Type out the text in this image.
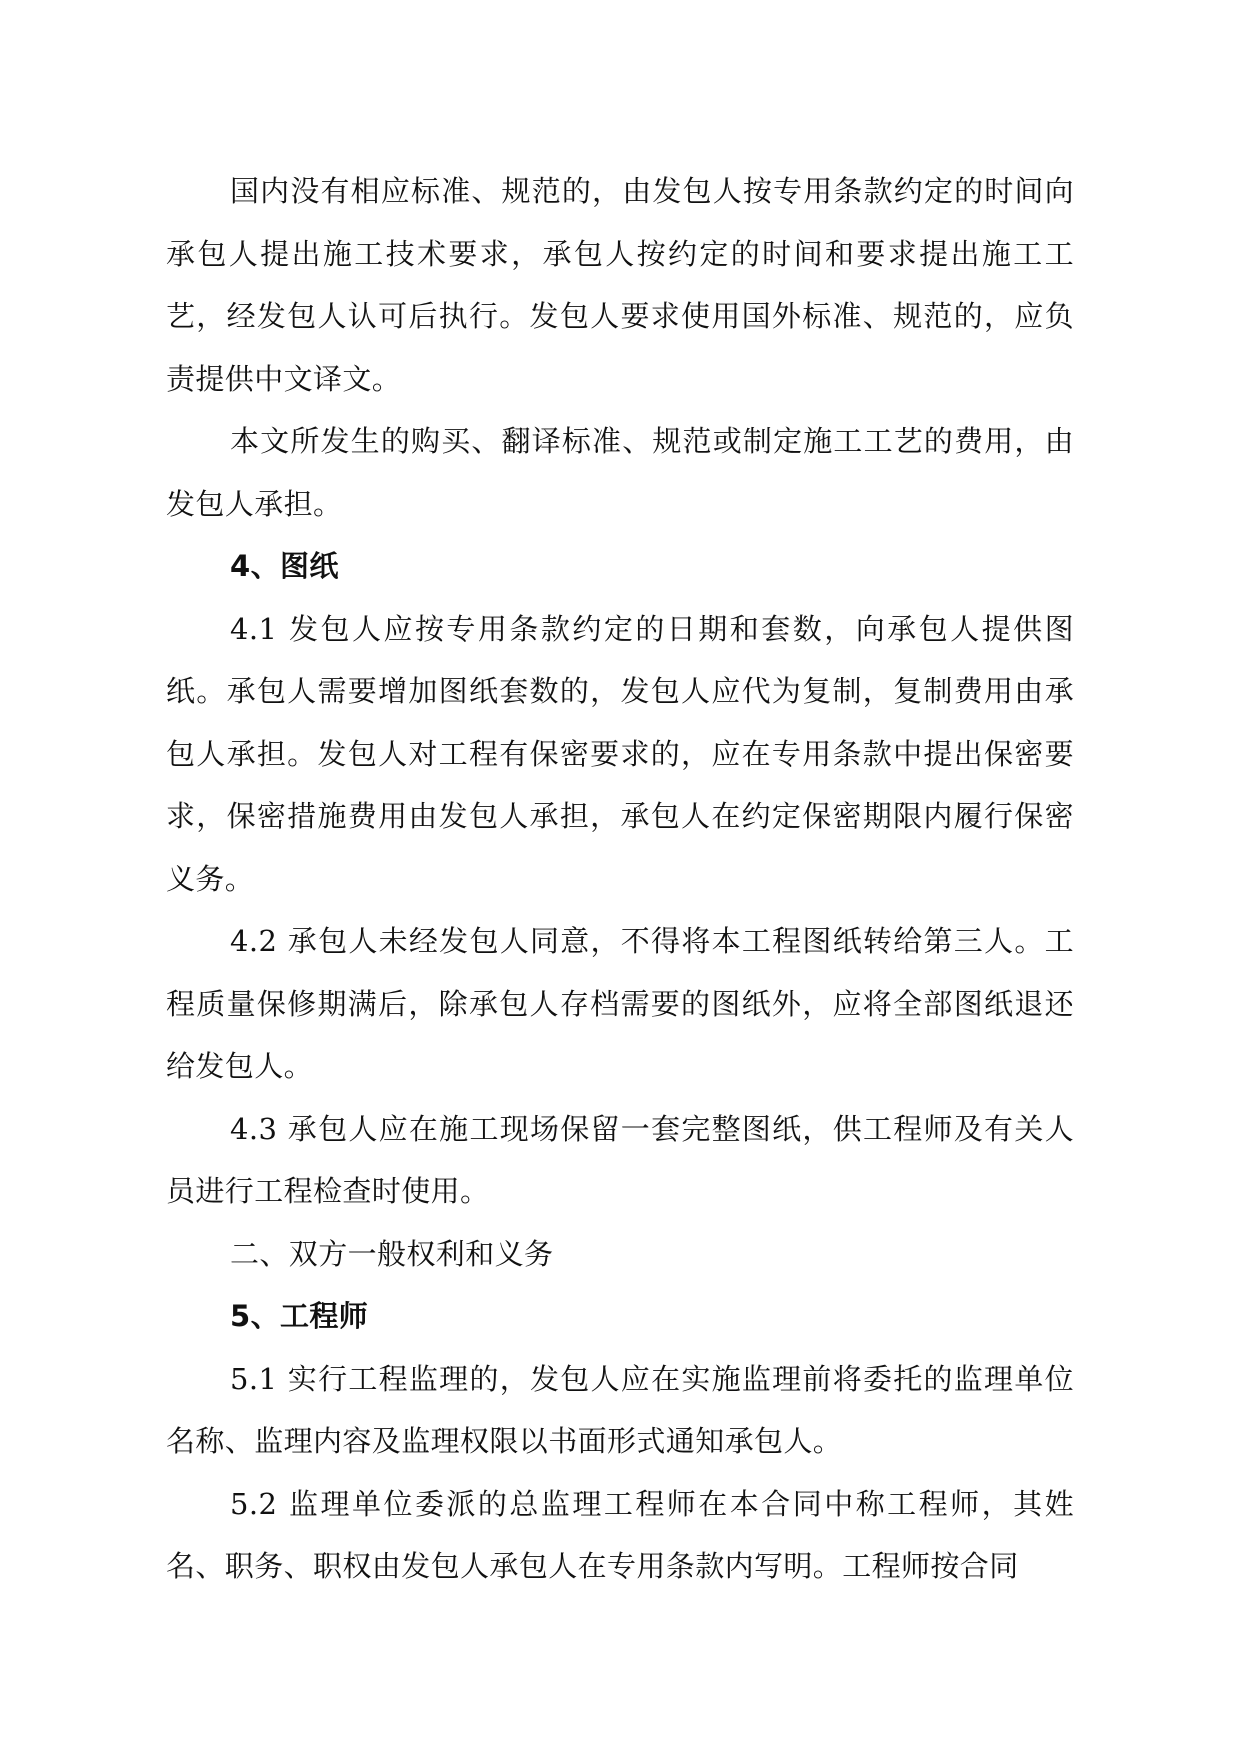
国内没有相应标准、规范的，由发包人按专用条款约定的时间向承包人提出施工技术要求，承包人按约定的时间和要求提出施工工艺，经发包人认可后执行。发包人要求使用国外标准、规范的，应负责提供中文译文。

本文所发生的购买、翻译标准、规范或制定施工工艺的费用，由发包人承担。

4、图纸

4.1 发包人应按专用条款约定的日期和套数，向承包人提供图纸。承包人需要增加图纸套数的，发包人应代为复制，复制费用由承包人承担。发包人对工程有保密要求的，应在专用条款中提出保密要求，保密措施费用由发包人承担，承包人在约定保密期限内履行保密义务。

4.2 承包人未经发包人同意，不得将本工程图纸转给第三人。工程质量保修期满后，除承包人存档需要的图纸外，应将全部图纸退还给发包人。

4.3 承包人应在施工现场保留一套完整图纸，供工程师及有关人员进行工程检查时使用。

二、双方一般权利和义务

5、工程师

5.1 实行工程监理的，发包人应在实施监理前将委托的监理单位名称、监理内容及监理权限以书面形式通知承包人。

5.2 监理单位委派的总监理工程师在本合同中称工程师，其姓名、职务、职权由发包人承包人在专用条款内写明。工程师按合同
